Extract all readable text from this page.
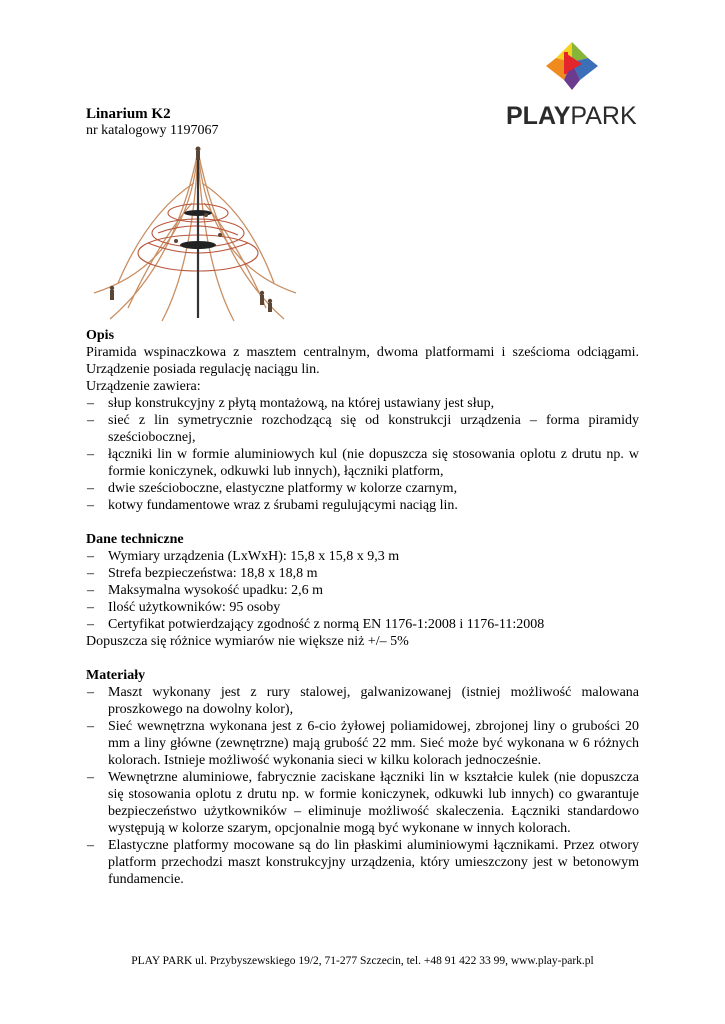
PLAYPARK
Linarium K2
nr katalogowy 1197067
Opis

Piramida wspinaczkowa z masztem centralnym, dwoma platformami i sześcioma odciągami. Urządzenie posiada regulację naciągu lin.

Urządzenie zawiera:

– słup konstrukcyjny z płytą montażową, na której ustawiany jest słup,
– sieć z lin symetrycznie rozchodzącą się od konstrukcji urządzenia – forma piramidy sześciobocznej,
– łączniki lin w formie aluminiowych kul (nie dopuszcza się stosowania oplotu z drutu np. w formie koniczynek, odkuwki lub innych), łączniki platform,
– dwie sześcioboczne, elastyczne platformy w kolorze czarnym,
– kotwy fundamentowe wraz z śrubami regulującymi naciąg lin.
Dane techniczne
– Wymiary urządzenia (LxWxH): 15,8 x 15,8 x 9,3 m
– Strefa bezpieczeństwa: 18,8 x 18,8 m
– Maksymalna wysokość upadku: 2,6 m
– Ilość użytkowników: 95 osoby
– Certyfikat potwierdzający zgodność z normą EN 1176-1:2008 i 1176-11:2008

Dopuszcza się różnice wymiarów nie większe niż +/– 5%

Materiały
– Maszt wykonany jest z rury stalowej, galwanizowanej (istniej możliwość malowana proszkowego na dowolny kolor),
– Sieć wewnętrzna wykonana jest z 6-cio żyłowej poliamidowej, zbrojonej liny o grubości 20 mm a liny główne (zewnętrzne) mają grubość 22 mm. Sieć może być wykonana w 6 różnych kolorach. Istnieje możliwość wykonania sieci w kilku kolorach jednocześnie.
– Wewnętrzne aluminiowe, fabrycznie zaciskane łączniki lin w kształcie kulek (nie dopuszcza się stosowania oplotu z drutu np. w formie koniczynek, odkuwki lub innych) co gwarantuje bezpieczeństwo użytkowników – eliminuje możliwość skaleczenia. Łączniki standardowo występują w kolorze szarym, opcjonalnie mogą być wykonane w innych kolorach.
– Elastyczne platformy mocowane są do lin płaskimi aluminiowymi łącznikami. Przez otwory platform przechodzi maszt konstrukcyjny urządzenia, który umieszczony jest w betonowym fundamencie.
PLAY PARK ul. Przybyszewskiego 19/2, 71-277 Szczecin, tel. +48 91 422 33 99, www.play-park.pl
